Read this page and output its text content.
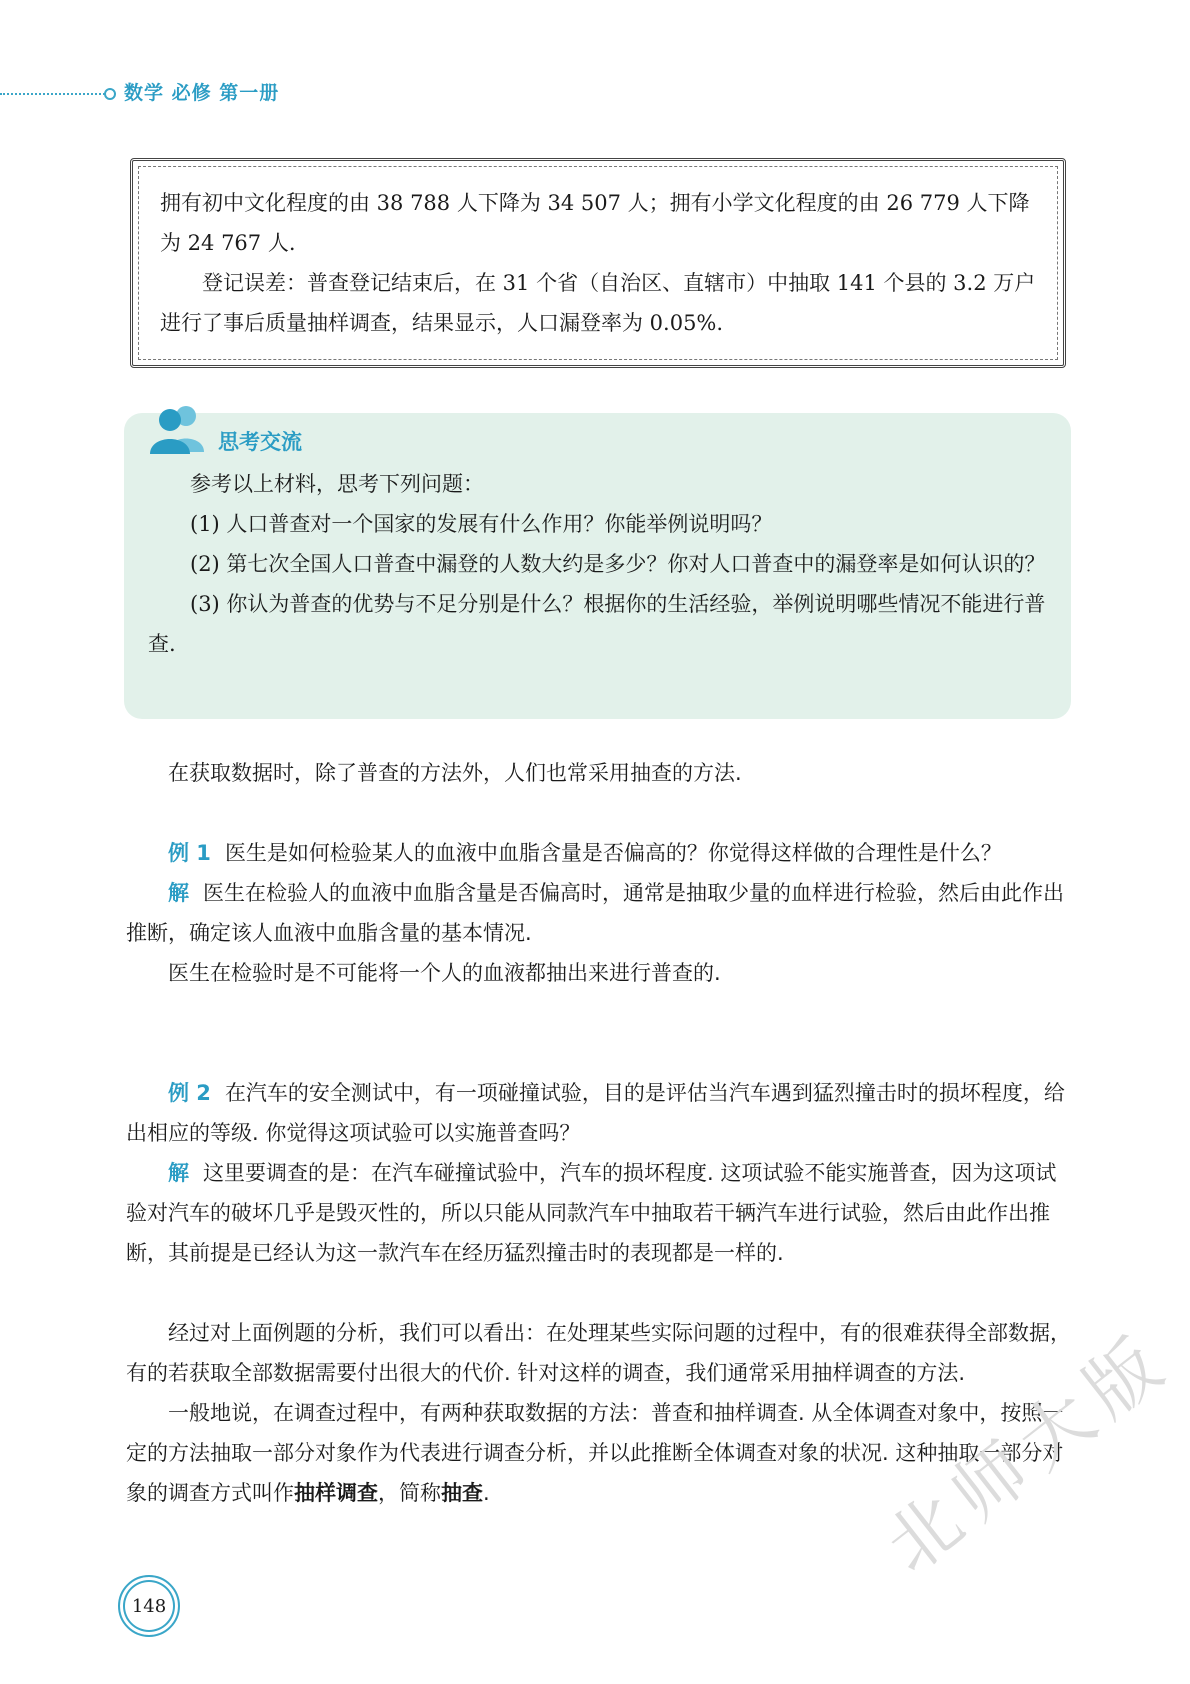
数学 必修 第一册

拥有初中文化程度的由 38 788 人下降为 34 507 人；拥有小学文化程度的由 26 779 人下降为 24 767 人.

登记误差：普查登记结束后，在 31 个省（自治区、直辖市）中抽取 141 个县的 3.2 万户进行了事后质量抽样调查，结果显示，人口漏登率为 0.05%.

思考交流

参考以上材料，思考下列问题：

(1) 人口普查对一个国家的发展有什么作用？你能举例说明吗？

(2) 第七次全国人口普查中漏登的人数大约是多少？你对人口普查中的漏登率是如何认识的？

(3) 你认为普查的优势与不足分别是什么？根据你的生活经验，举例说明哪些情况不能进行普查.

在获取数据时，除了普查的方法外，人们也常采用抽查的方法.

例 1 医生是如何检验某人的血液中血脂含量是否偏高的？你觉得这样做的合理性是什么？

解 医生在检验人的血液中血脂含量是否偏高时，通常是抽取少量的血样进行检验，然后由此作出推断，确定该人血液中血脂含量的基本情况.

医生在检验时是不可能将一个人的血液都抽出来进行普查的.

例 2 在汽车的安全测试中，有一项碰撞试验，目的是评估当汽车遇到猛烈撞击时的损坏程度，给出相应的等级. 你觉得这项试验可以实施普查吗？

解 这里要调查的是：在汽车碰撞试验中，汽车的损坏程度. 这项试验不能实施普查，因为这项试验对汽车的破坏几乎是毁灭性的，所以只能从同款汽车中抽取若干辆汽车进行试验，然后由此作出推断，其前提是已经认为这一款汽车在经历猛烈撞击时的表现都是一样的.

经过对上面例题的分析，我们可以看出：在处理某些实际问题的过程中，有的很难获得全部数据，有的若获取全部数据需要付出很大的代价. 针对这样的调查，我们通常采用抽样调查的方法.

一般地说，在调查过程中，有两种获取数据的方法：普查和抽样调查. 从全体调查对象中，按照一定的方法抽取一部分对象作为代表进行调查分析，并以此推断全体调查对象的状况. 这种抽取一部分对象的调查方式叫作抽样调查，简称抽查.

148
北师大版
